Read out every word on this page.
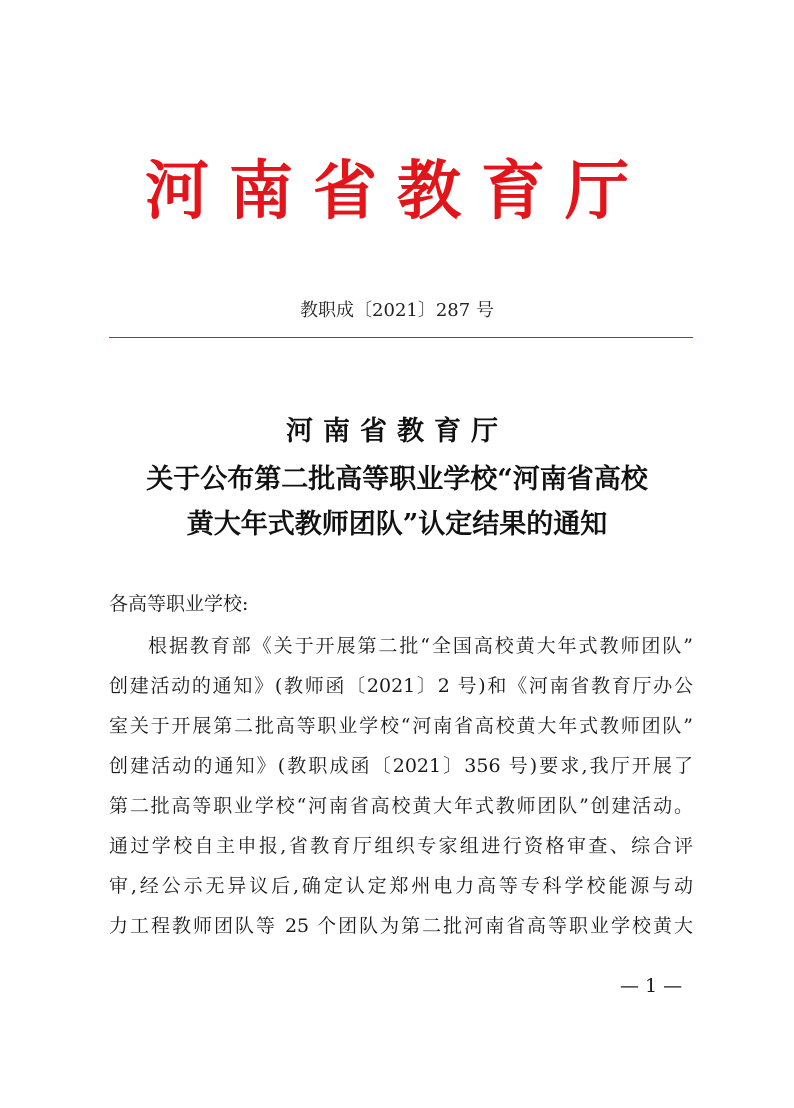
河南省教育厅
教职成〔2021〕287 号
河南省教育厅
关于公布第二批高等职业学校“河南省高校
黄大年式教师团队”认定结果的通知
各高等职业学校:
根据教育部《关于开展第二批“全国高校黄大年式教师团队”
创建活动的通知》(教师函〔2021〕2 号)和《河南省教育厅办公
室关于开展第二批高等职业学校“河南省高校黄大年式教师团队”
创建活动的通知》(教职成函〔2021〕356 号)要求,我厅开展了
第二批高等职业学校“河南省高校黄大年式教师团队”创建活动。
通过学校自主申报,省教育厅组织专家组进行资格审查、综合评
审,经公示无异议后,确定认定郑州电力高等专科学校能源与动
力工程教师团队等 25 个团队为第二批河南省高等职业学校黄大
— 1 —
